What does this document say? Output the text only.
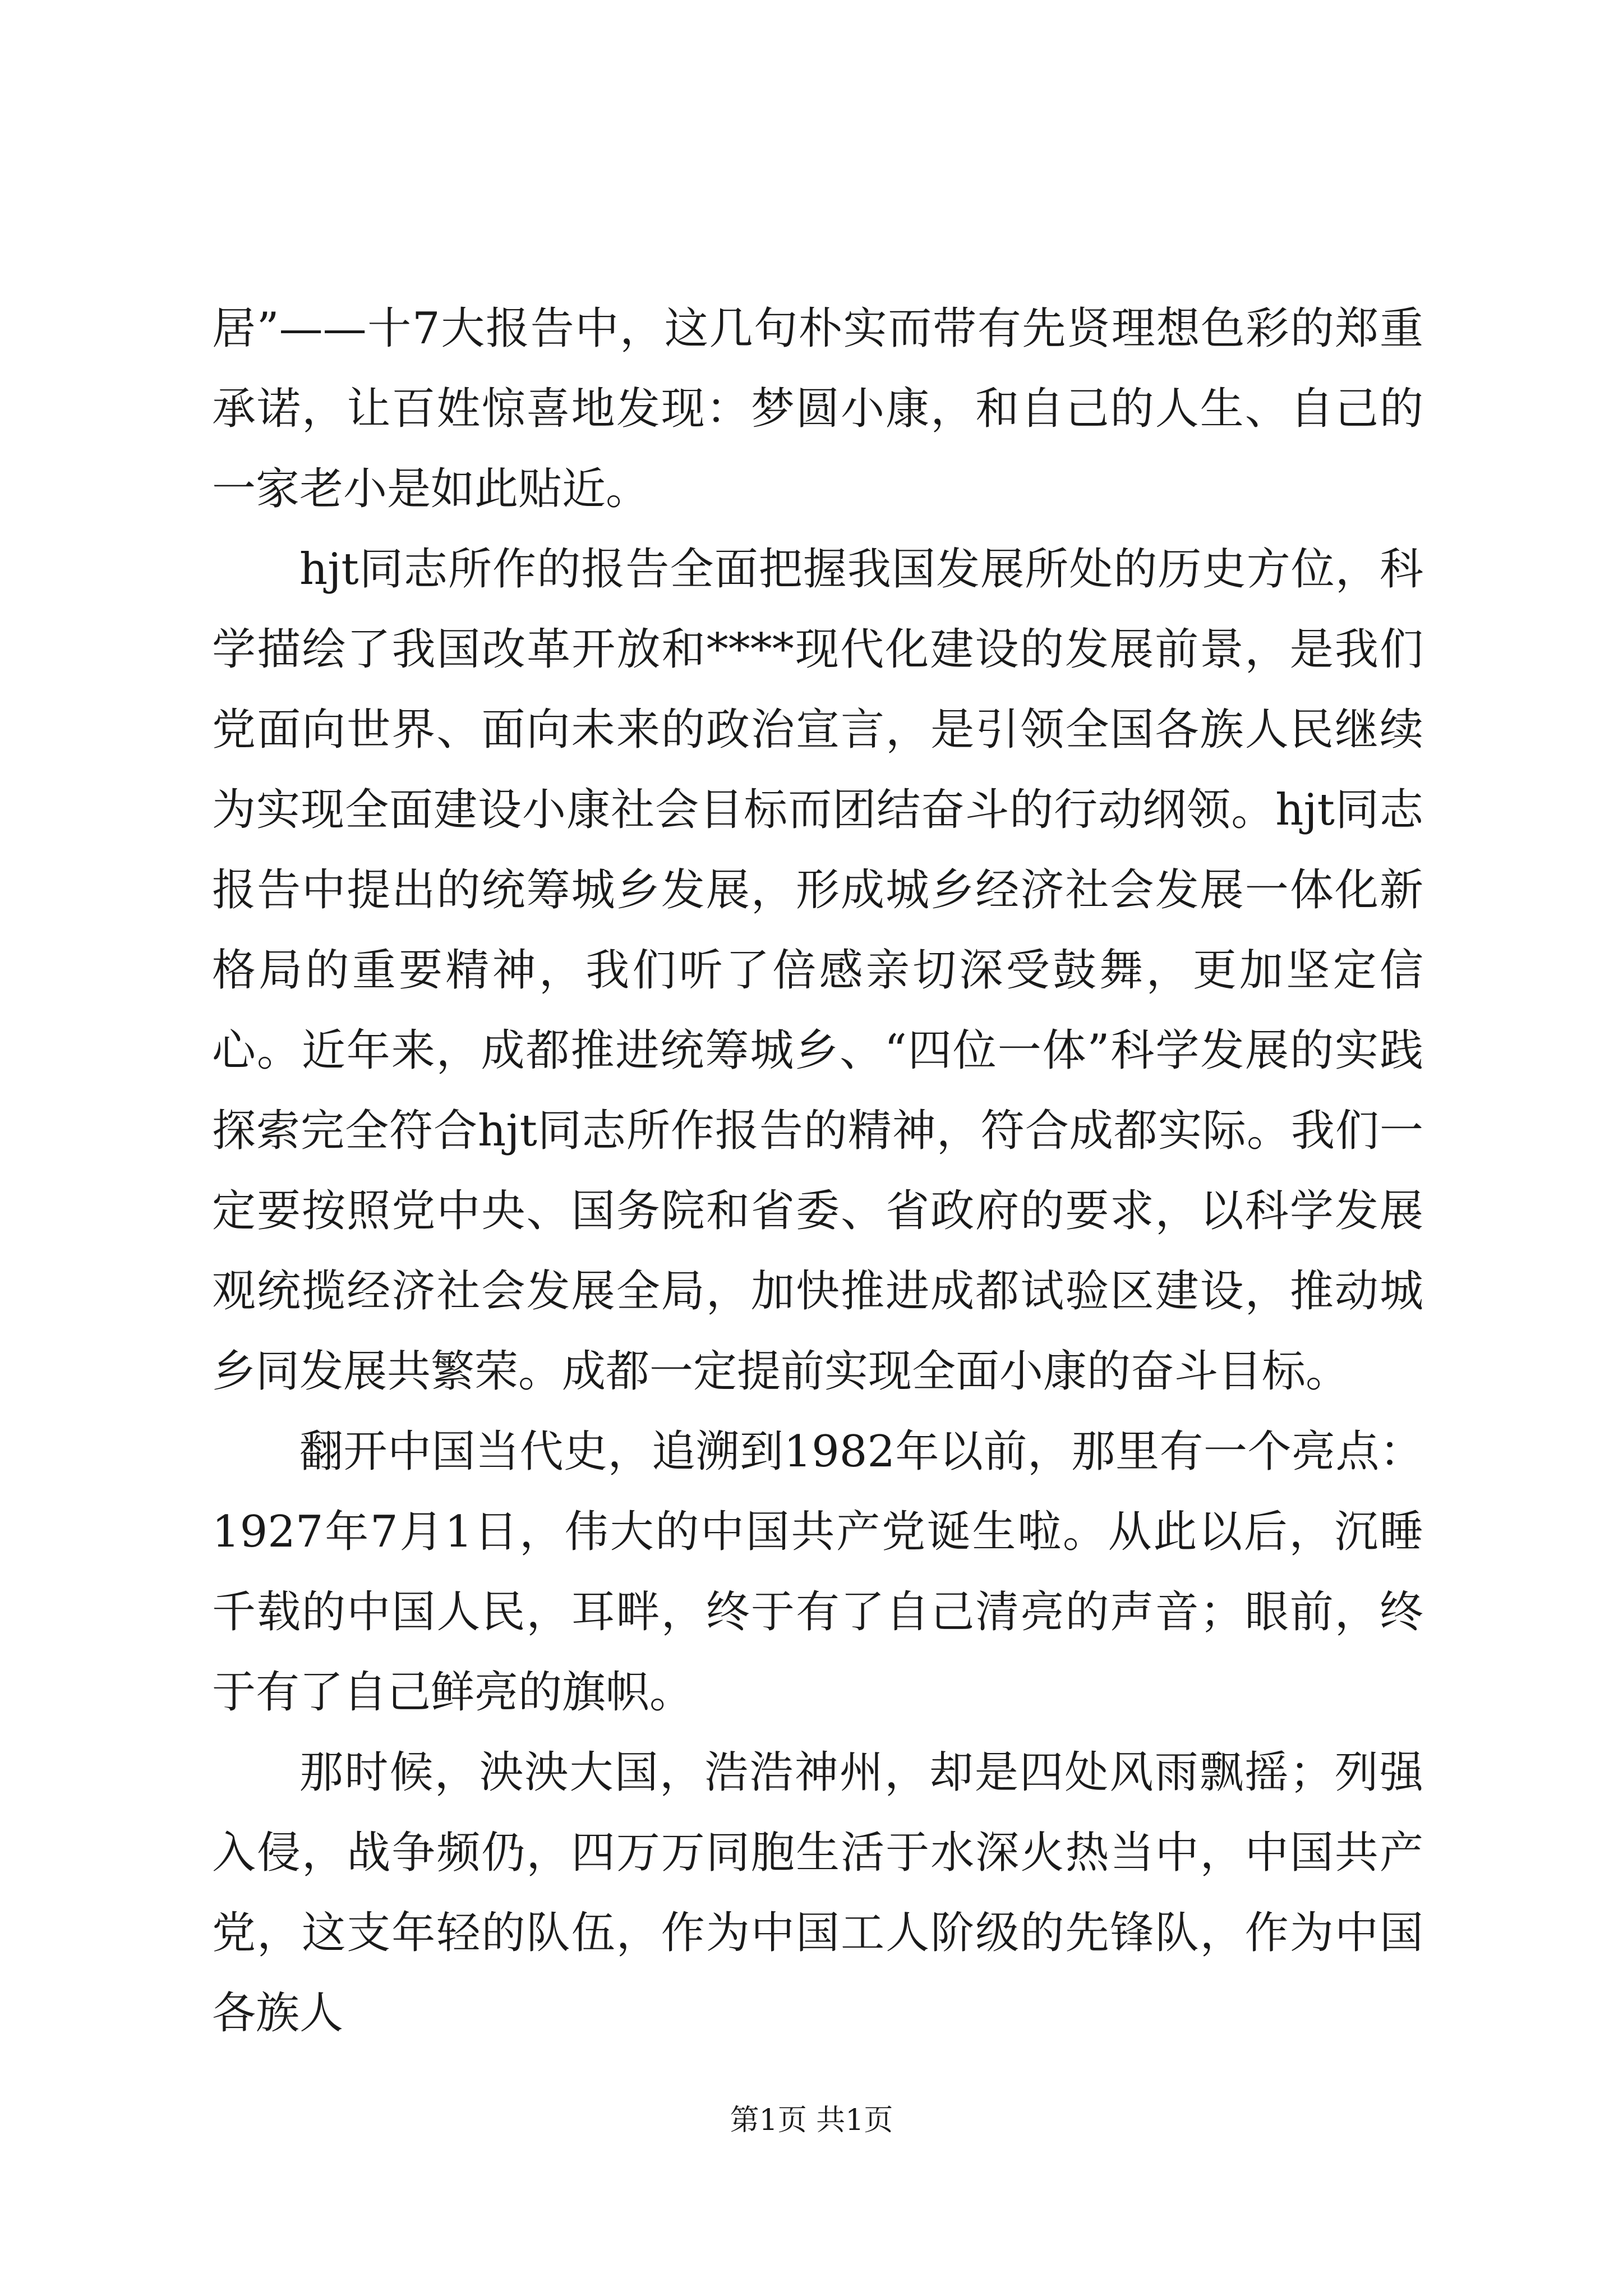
居”——十7大报告中，这几句朴实而带有先贤理想色彩的郑重承诺，让百姓惊喜地发现：梦圆小康，和自己的人生、自己的一家老小是如此贴近。

hjt同志所作的报告全面把握我国发展所处的历史方位，科学描绘了我国改革开放和****现代化建设的发展前景，是我们党面向世界、面向未来的政治宣言，是引领全国各族人民继续为实现全面建设小康社会目标而团结奋斗的行动纲领。hjt同志报告中提出的统筹城乡发展，形成城乡经济社会发展一体化新格局的重要精神，我们听了倍感亲切深受鼓舞，更加坚定信心。近年来，成都推进统筹城乡、“四位一体”科学发展的实践探索完全符合hjt同志所作报告的精神，符合成都实际。我们一定要按照党中央、国务院和省委、省政府的要求，以科学发展观统揽经济社会发展全局，加快推进成都试验区建设，推动城乡同发展共繁荣。成都一定提前实现全面小康的奋斗目标。

翻开中国当代史，追溯到1982年以前，那里有一个亮点：1927年7月1日，伟大的中国共产党诞生啦。从此以后，沉睡千载的中国人民，耳畔，终于有了自己清亮的声音；眼前，终于有了自己鲜亮的旗帜。

那时候，泱泱大国，浩浩神州，却是四处风雨飘摇；列强入侵，战争频仍，四万万同胞生活于水深火热当中，中国共产党，这支年轻的队伍，作为中国工人阶级的先锋队，作为中国各族人

第1页 共1页
